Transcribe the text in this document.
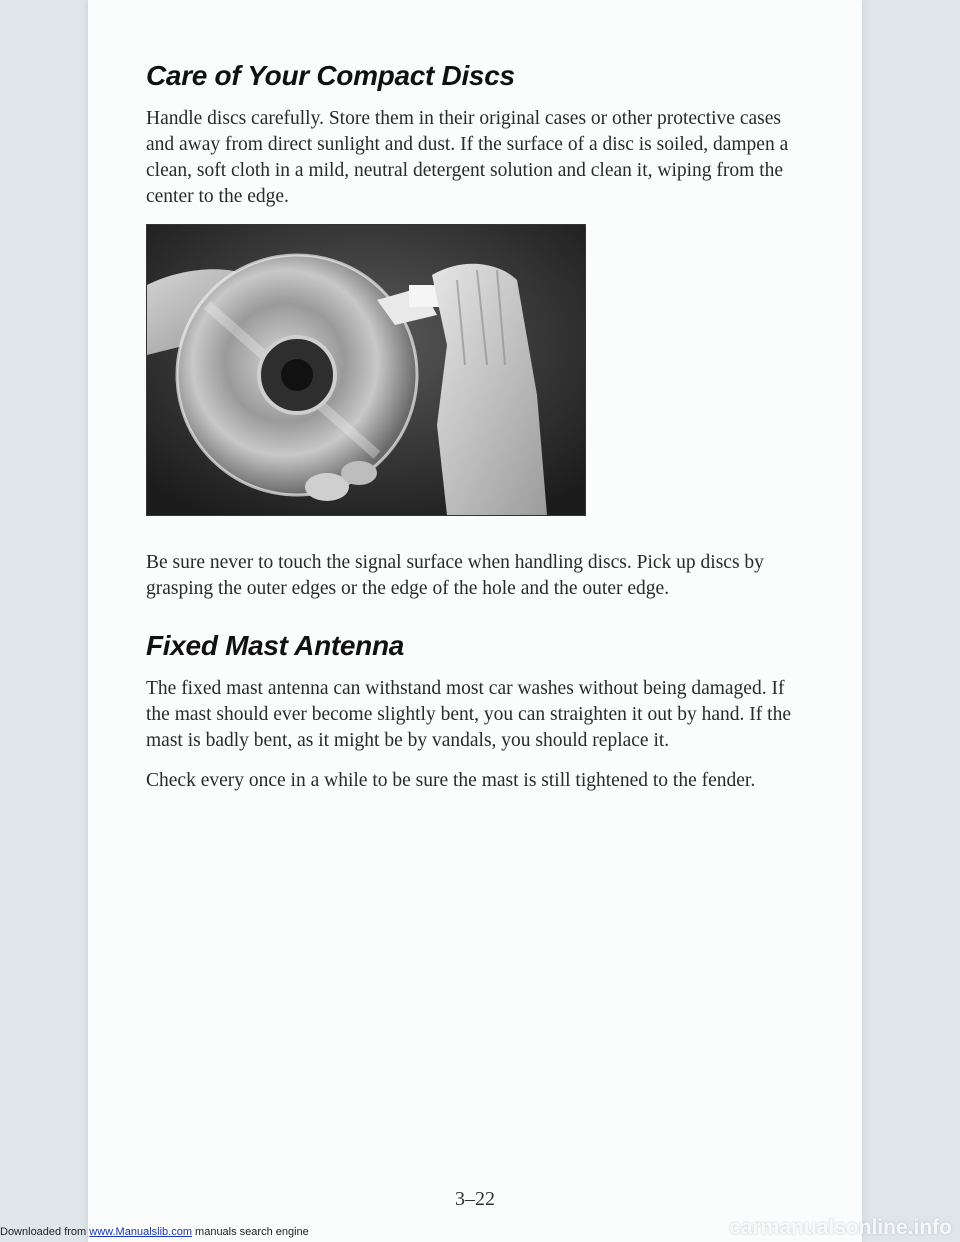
Care of Your Compact Discs

Handle discs carefully. Store them in their original cases or other protective cases and away from direct sunlight and dust. If the surface of a disc is soiled, dampen a clean, soft cloth in a mild, neutral detergent solution and clean it, wiping from the center to the edge.

Be sure never to touch the signal surface when handling discs. Pick up discs by grasping the outer edges or the edge of the hole and the outer edge.

Fixed Mast Antenna

The fixed mast antenna can withstand most car washes without being damaged. If the mast should ever become slightly bent, you can straighten it out by hand. If the mast is badly bent, as it might be by vandals, you should replace it.

Check every once in a while to be sure the mast is still tightened to the fender.

3–22
Downloaded from www.Manualslib.com manuals search engine	carmanualsonline.info
